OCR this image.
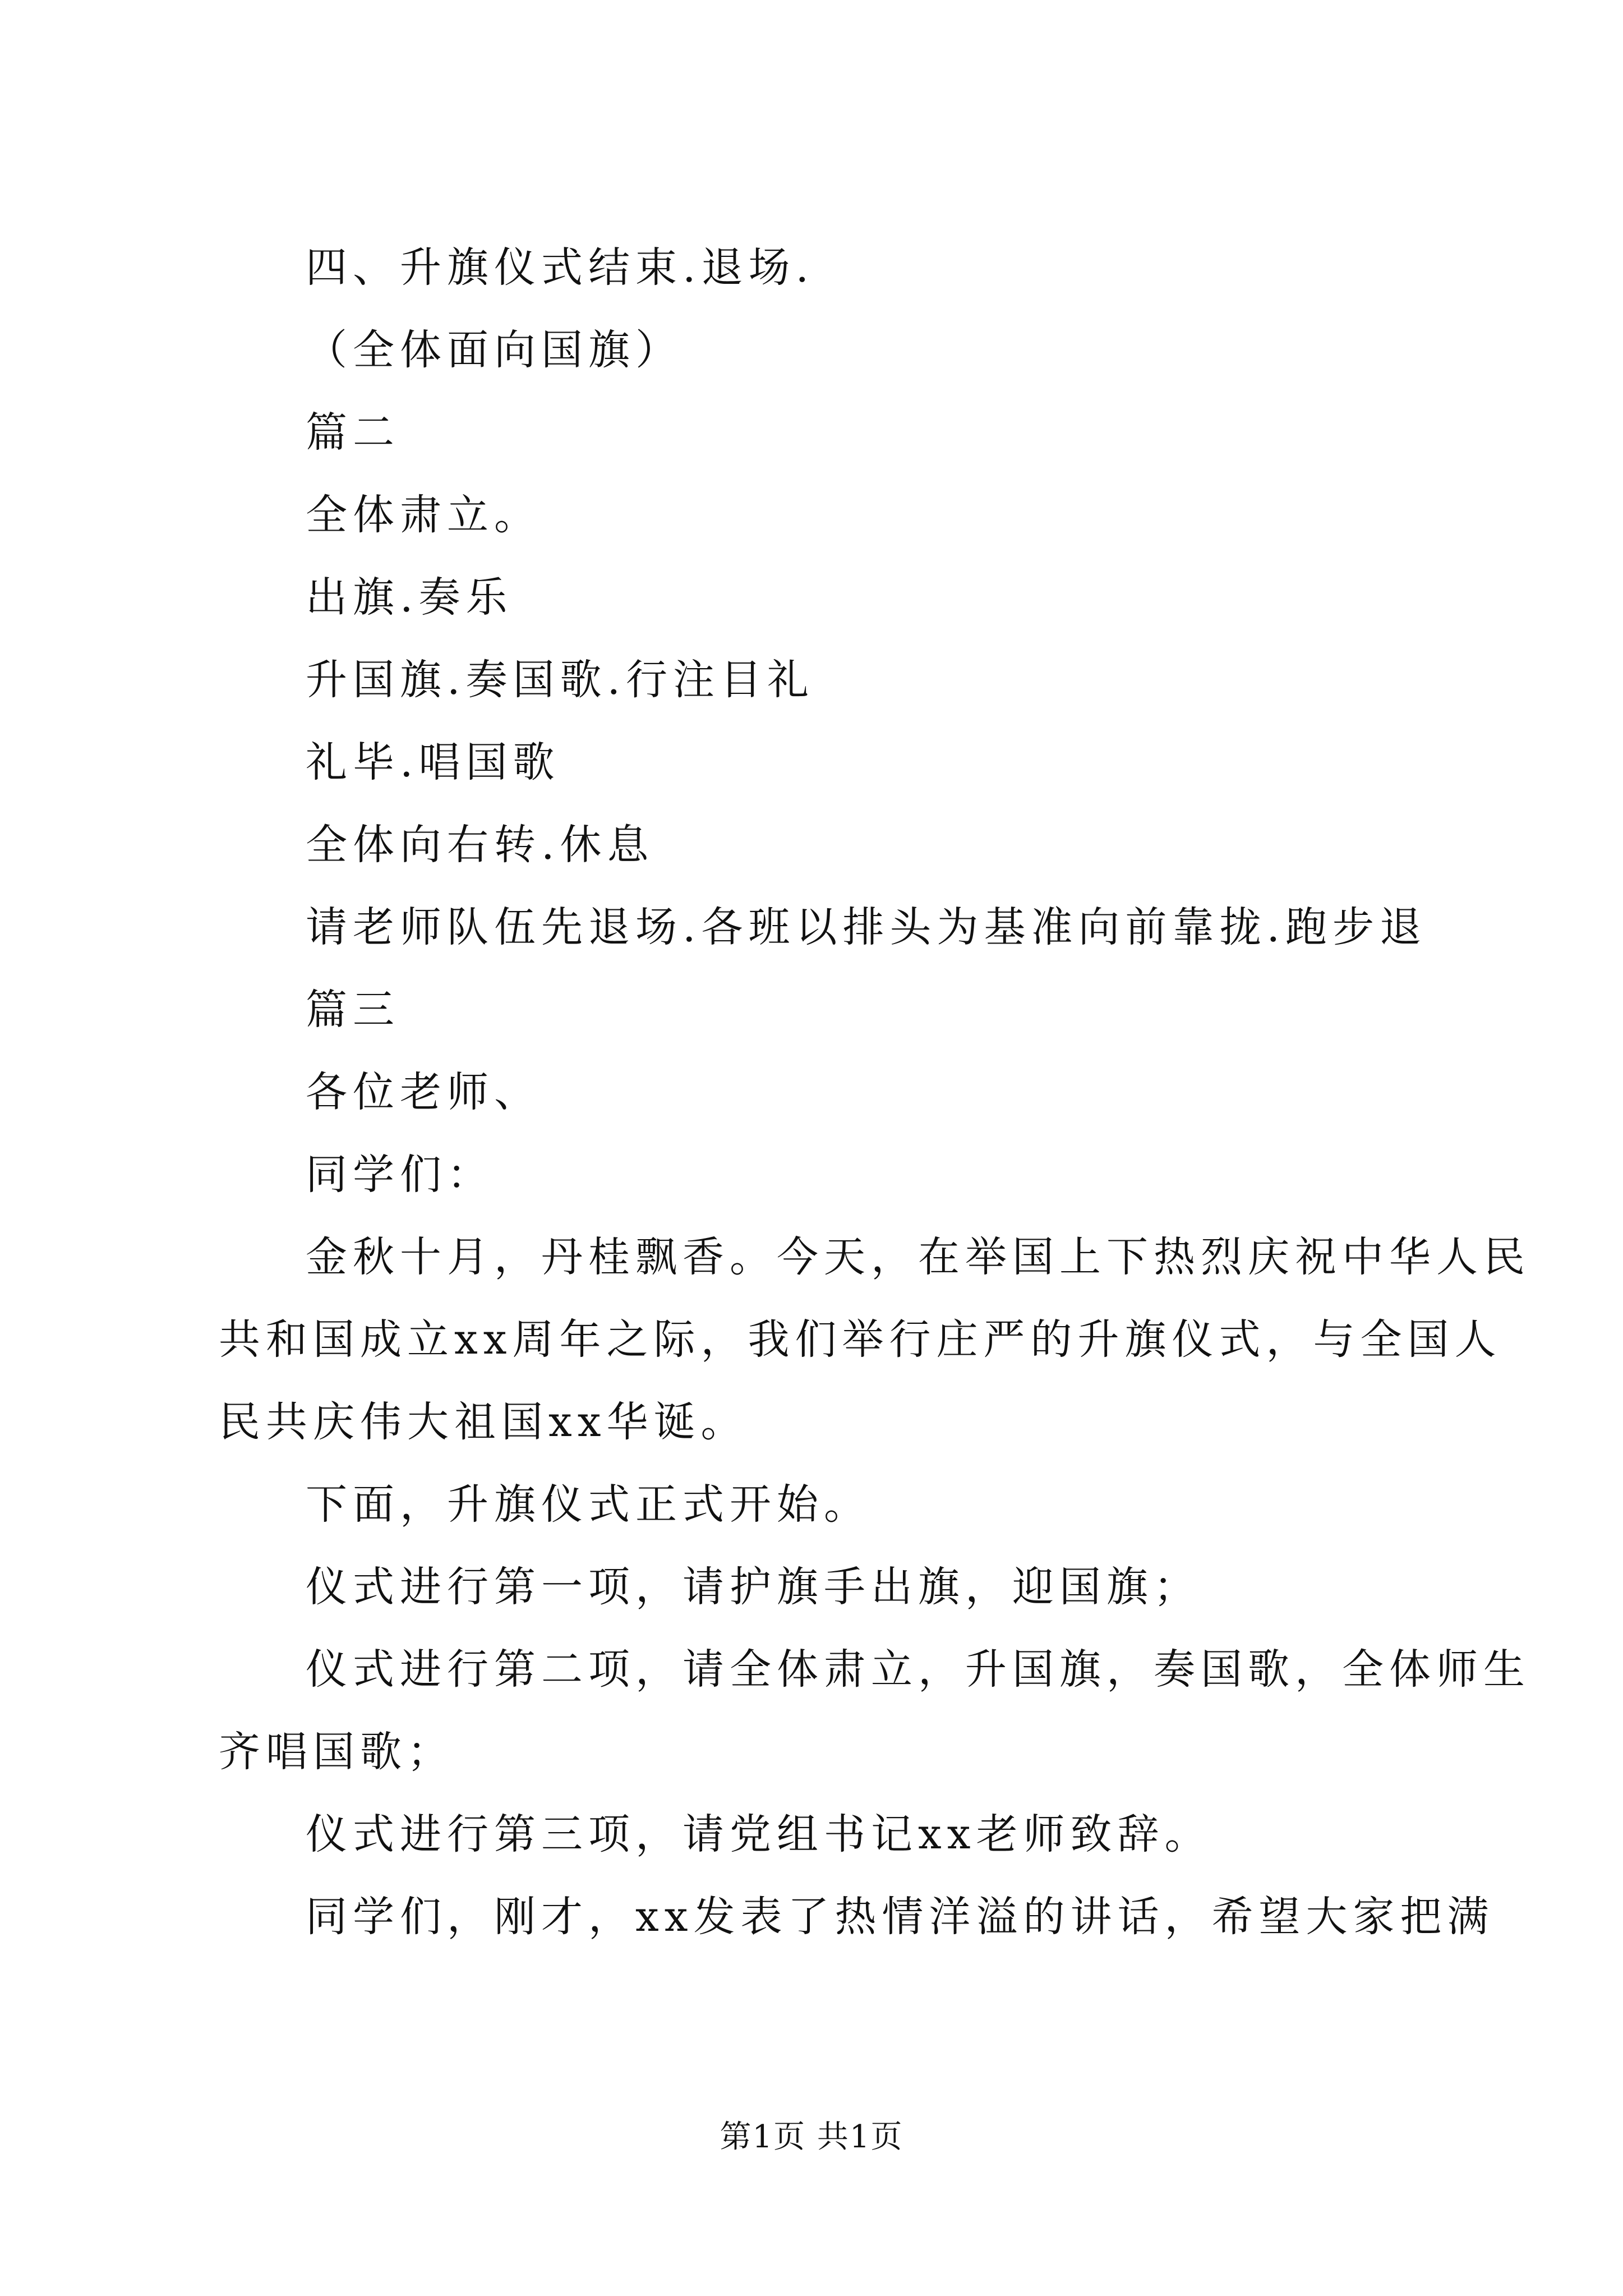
四、升旗仪式结束.退场.
（全体面向国旗）
篇二
全体肃立。
出旗.奏乐
升国旗.奏国歌.行注目礼
礼毕.唱国歌
全体向右转.休息
请老师队伍先退场.各班以排头为基准向前靠拢.跑步退
篇三
各位老师、
同学们：
金秋十月，丹桂飘香。今天，在举国上下热烈庆祝中华人民
共和国成立xx周年之际，我们举行庄严的升旗仪式，与全国人
民共庆伟大祖国xx华诞。
下面，升旗仪式正式开始。
仪式进行第一项，请护旗手出旗，迎国旗；
仪式进行第二项，请全体肃立，升国旗，奏国歌，全体师生
齐唱国歌；
仪式进行第三项，请党组书记xx老师致辞。
同学们，刚才，xx发表了热情洋溢的讲话，希望大家把满
第1页 共1页
